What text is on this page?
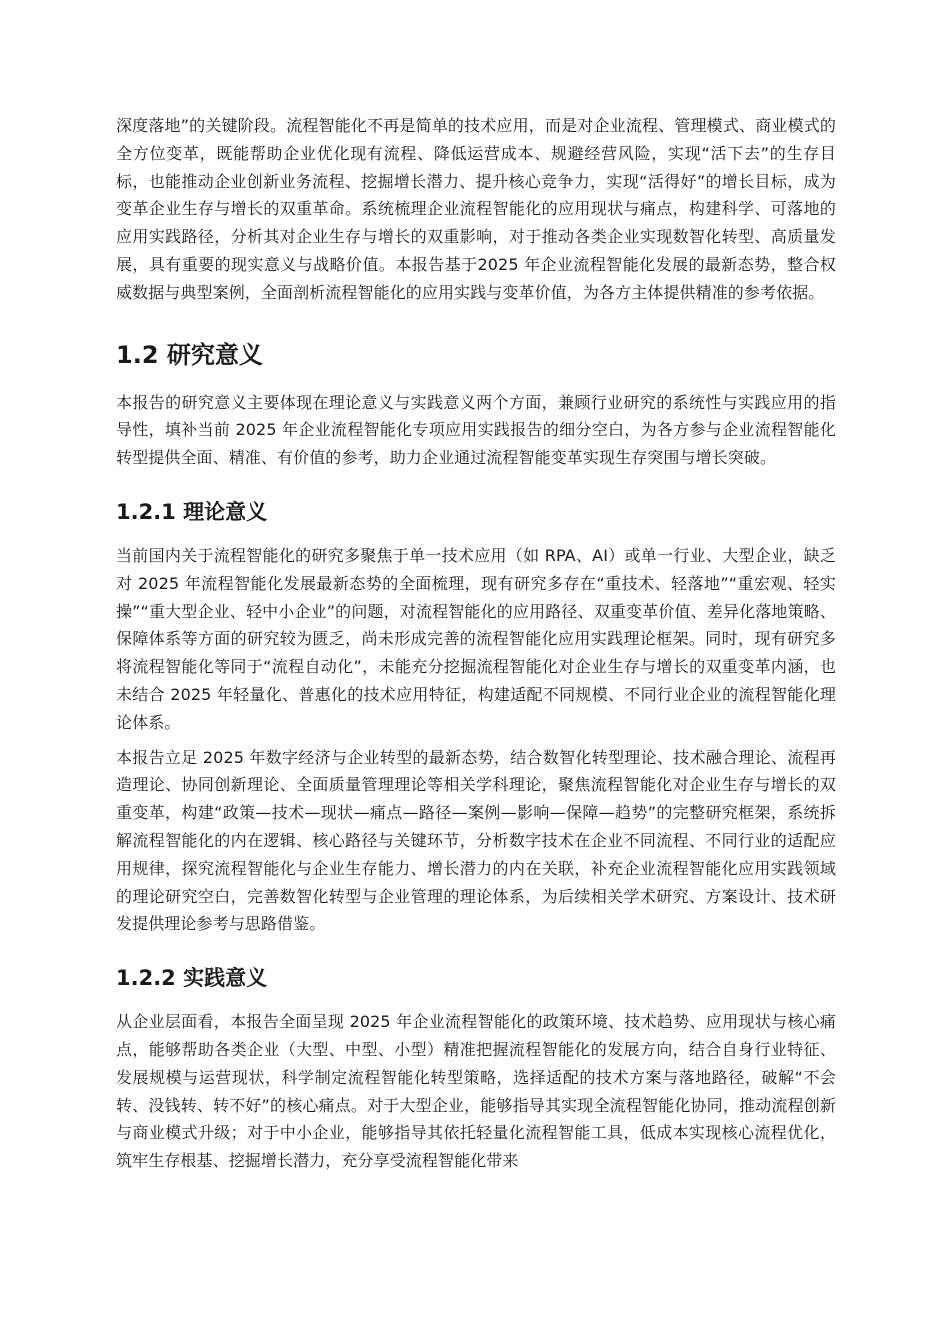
深度落地”的关键阶段。流程智能化不再是简单的技术应用，而是对企业流程、管理模式、商业模式的全方位变革，既能帮助企业优化现有流程、降低运营成本、规避经营风险，实现“活下去”的生存目标，也能推动企业创新业务流程、挖掘增长潜力、提升核心竞争力，实现“活得好”的增长目标，成为变革企业生存与增长的双重革命。系统梳理企业流程智能化的应用现状与痛点，构建科学、可落地的应用实践路径，分析其对企业生存与增长的双重影响，对于推动各类企业实现数智化转型、高质量发展，具有重要的现实意义与战略价值。本报告基于2025 年企业流程智能化发展的最新态势，整合权威数据与典型案例，全面剖析流程智能化的应用实践与变革价值，为各方主体提供精准的参考依据。

1.2 研究意义

本报告的研究意义主要体现在理论意义与实践意义两个方面，兼顾行业研究的系统性与实践应用的指导性，填补当前 2025 年企业流程智能化专项应用实践报告的细分空白，为各方参与企业流程智能化转型提供全面、精准、有价值的参考，助力企业通过流程智能变革实现生存突围与增长突破。

1.2.1 理论意义

当前国内关于流程智能化的研究多聚焦于单一技术应用（如 RPA、AI）或单一行业、大型企业，缺乏对 2025 年流程智能化发展最新态势的全面梳理，现有研究多存在“重技术、轻落地”“重宏观、轻实操”“重大型企业、轻中小企业”的问题，对流程智能化的应用路径、双重变革价值、差异化落地策略、保障体系等方面的研究较为匮乏，尚未形成完善的流程智能化应用实践理论框架。同时，现有研究多将流程智能化等同于“流程自动化”，未能充分挖掘流程智能化对企业生存与增长的双重变革内涵，也未结合 2025 年轻量化、普惠化的技术应用特征，构建适配不同规模、不同行业企业的流程智能化理论体系。

本报告立足 2025 年数字经济与企业转型的最新态势，结合数智化转型理论、技术融合理论、流程再造理论、协同创新理论、全面质量管理理论等相关学科理论，聚焦流程智能化对企业生存与增长的双重变革，构建“政策—技术—现状—痛点—路径—案例—影响—保障—趋势”的完整研究框架，系统拆解流程智能化的内在逻辑、核心路径与关键环节，分析数字技术在企业不同流程、不同行业的适配应用规律，探究流程智能化与企业生存能力、增长潜力的内在关联，补充企业流程智能化应用实践领域的理论研究空白，完善数智化转型与企业管理的理论体系，为后续相关学术研究、方案设计、技术研发提供理论参考与思路借鉴。

1.2.2 实践意义

从企业层面看，本报告全面呈现 2025 年企业流程智能化的政策环境、技术趋势、应用现状与核心痛点，能够帮助各类企业（大型、中型、小型）精准把握流程智能化的发展方向，结合自身行业特征、发展规模与运营现状，科学制定流程智能化转型策略，选择适配的技术方案与落地路径，破解“不会转、没钱转、转不好”的核心痛点。对于大型企业，能够指导其实现全流程智能化协同，推动流程创新与商业模式升级；对于中小企业，能够指导其依托轻量化流程智能工具，低成本实现核心流程优化，筑牢生存根基、挖掘增长潜力，充分享受流程智能化带来
